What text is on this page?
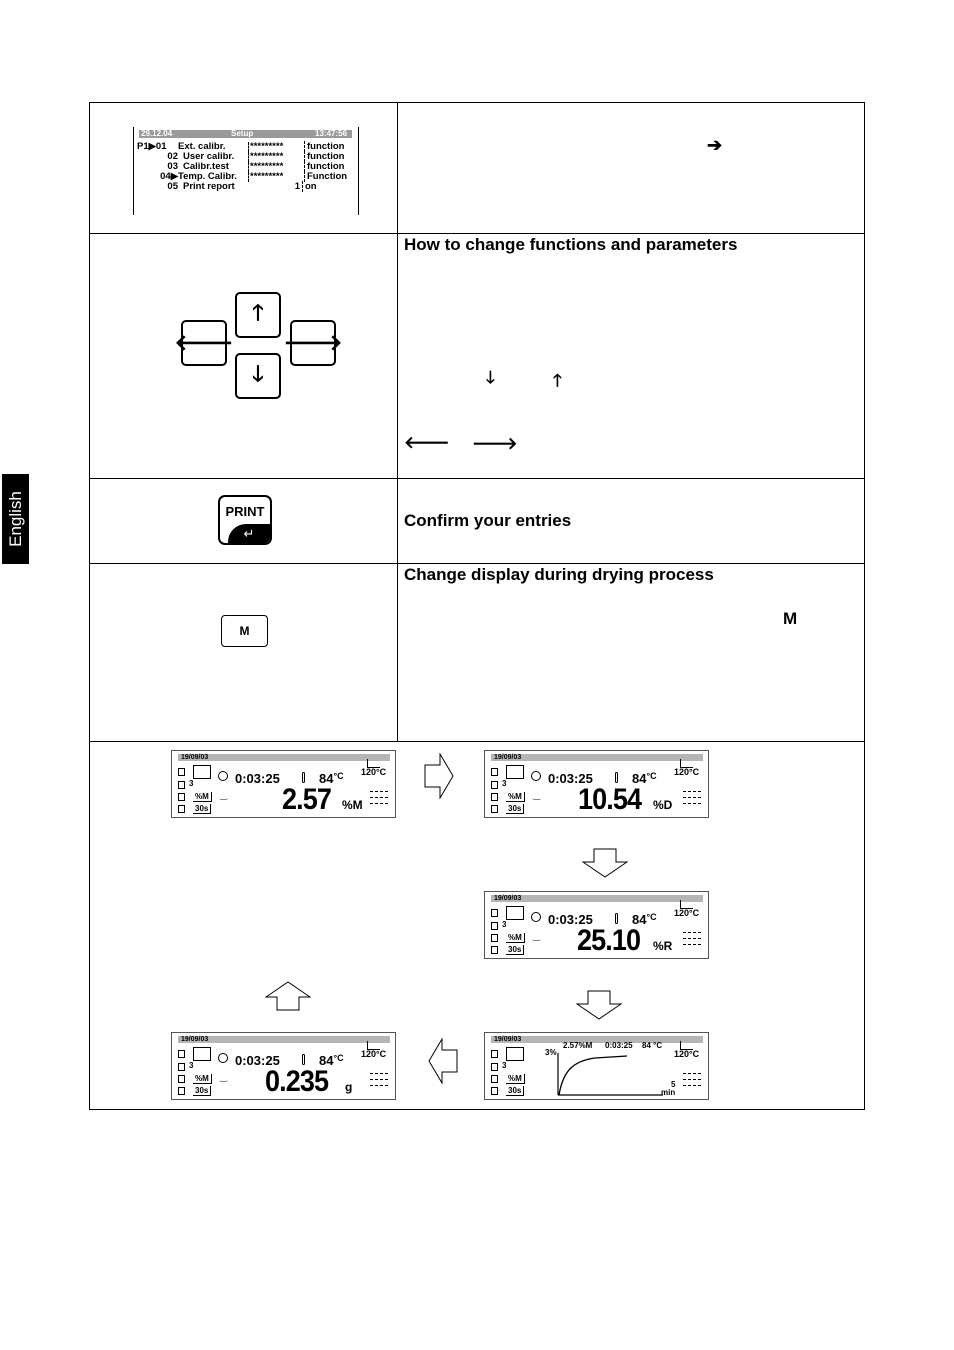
English
29.12.04	Setup	13:47:56
P1▶01 Ext. calibr.	********* function
02 User calibr. ********* function
03 Calibr.test ********* function
04▶Temp. Calibr. ********* Function
05 Print report	1 on
➔
🡑
🡐 🡒
🡓
How to change functions and parameters
🡓	🡑
🡐 🡒
PRINT
↵
Confirm your entries
M
Change display during drying process
M
19/09/03
3
%M
30s
120°C
0:03:25	$84^{^\circ C}$
‿ 2.57 %M
19/09/03
3
%M
30s
120°C
0:03:25	$84^{^\circ C}$
‿ 10.54 %D
19/09/03
3
%M
30s
120°C
0:03:25	$84^{^\circ C}$
‿ 25.10 %R
19/09/03
3
%M
30s
120°C
0:03:25	$84^{^\circ C}$
‿ 0.235 g
19/09/03
3
%M
30s
120°C
2.57%M 0:03:25 84 °C
3%
5
min
